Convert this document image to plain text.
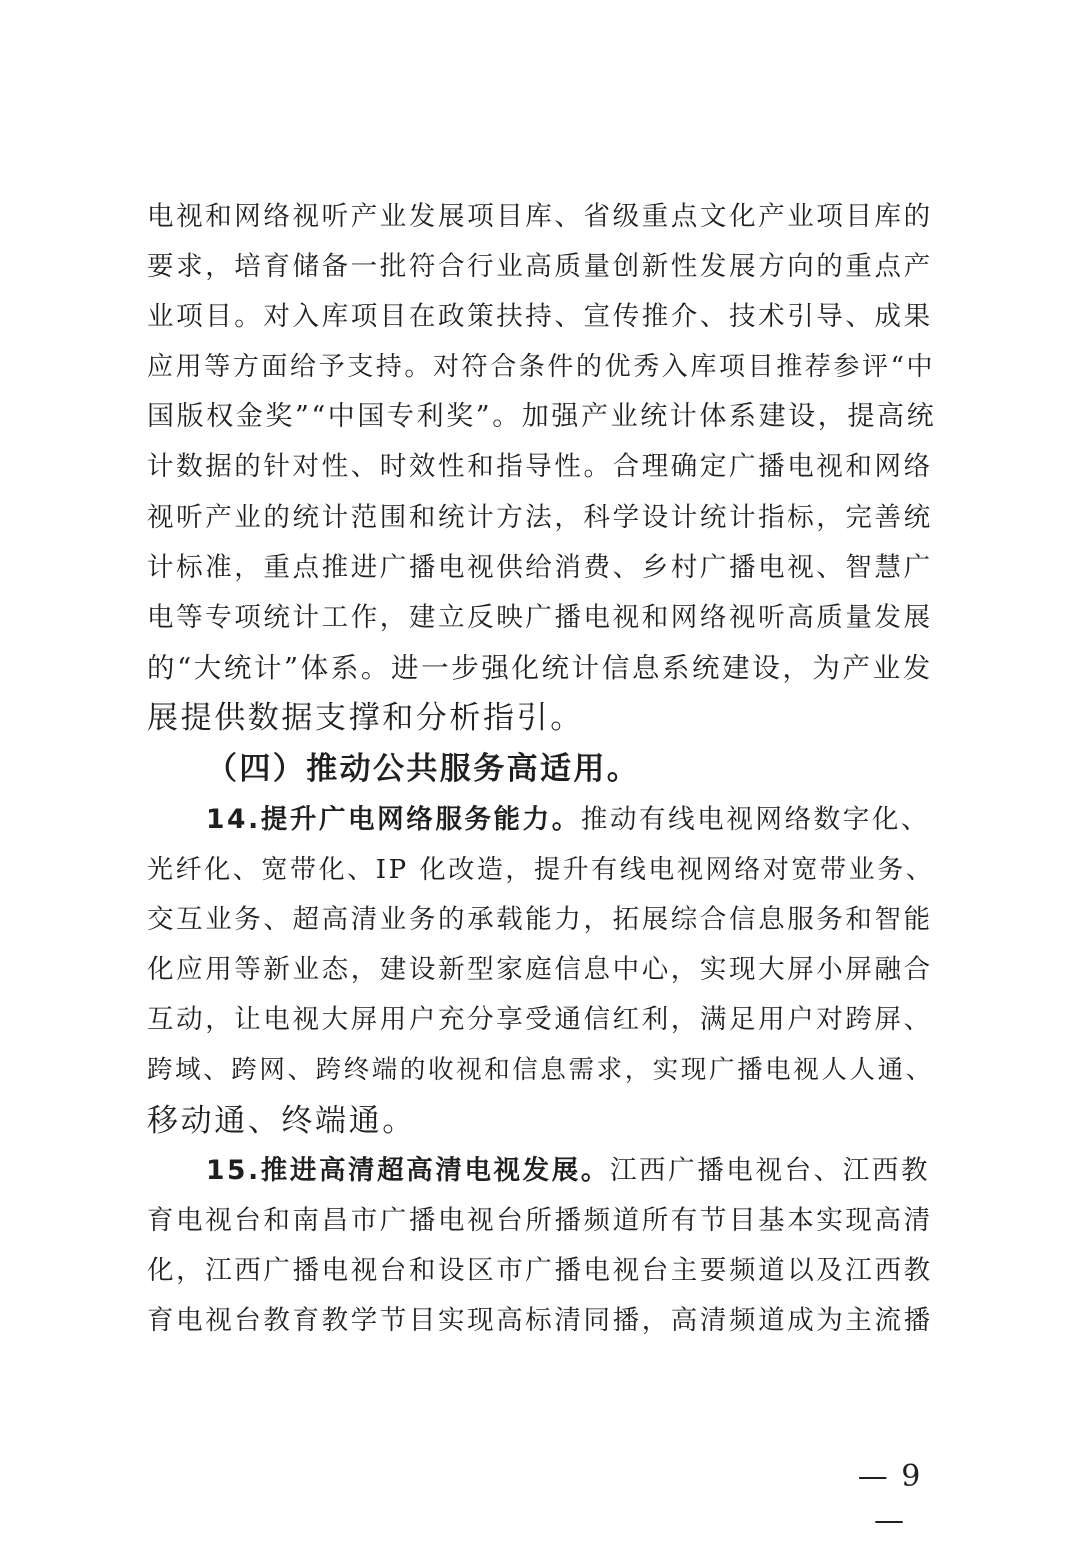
电视和网络视听产业发展项目库、省级重点文化产业项目库的
要求，培育储备一批符合行业高质量创新性发展方向的重点产
业项目。对入库项目在政策扶持、宣传推介、技术引导、成果
应用等方面给予支持。对符合条件的优秀入库项目推荐参评“中
国版权金奖”“中国专利奖”。加强产业统计体系建设，提高统
计数据的针对性、时效性和指导性。合理确定广播电视和网络
视听产业的统计范围和统计方法，科学设计统计指标，完善统
计标准，重点推进广播电视供给消费、乡村广播电视、智慧广
电等专项统计工作，建立反映广播电视和网络视听高质量发展
的“大统计”体系。进一步强化统计信息系统建设，为产业发
展提供数据支撑和分析指引。
（四）推动公共服务高适用。
14.提升广电网络服务能力。推动有线电视网络数字化、
光纤化、宽带化、IP 化改造，提升有线电视网络对宽带业务、
交互业务、超高清业务的承载能力，拓展综合信息服务和智能
化应用等新业态，建设新型家庭信息中心，实现大屏小屏融合
互动，让电视大屏用户充分享受通信红利，满足用户对跨屏、
跨域、跨网、跨终端的收视和信息需求，实现广播电视人人通、
移动通、终端通。
15.推进高清超高清电视发展。江西广播电视台、江西教
育电视台和南昌市广播电视台所播频道所有节目基本实现高清
化，江西广播电视台和设区市广播电视台主要频道以及江西教
育电视台教育教学节目实现高标清同播，高清频道成为主流播
— 9 —
